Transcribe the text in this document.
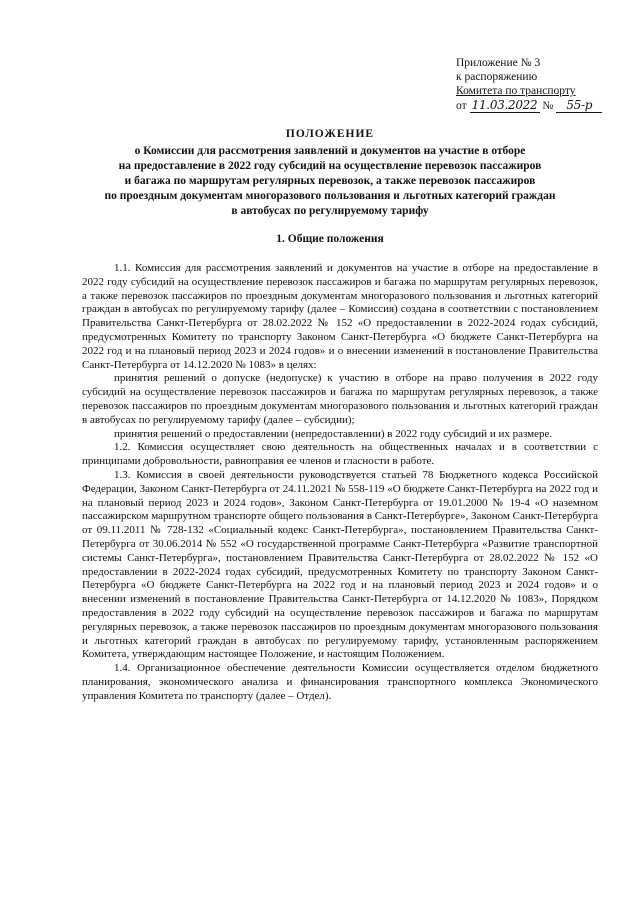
Приложение № 3
к распоряжению
Комитета по транспорту
от 11.03.2022 № 55-р
ПОЛОЖЕНИЕ
о Комиссии для рассмотрения заявлений и документов на участие в отборе
на предоставление в 2022 году субсидий на осуществление перевозок пассажиров
и багажа по маршрутам регулярных перевозок, а также перевозок пассажиров
по проездным документам многоразового пользования и льготных категорий граждан
в автобусах по регулируемому тарифу
1. Общие положения

1.1. Комиссия для рассмотрения заявлений и документов на участие в отборе на предоставление в 2022 году субсидий на осуществление перевозок пассажиров и багажа по маршрутам регулярных перевозок, а также перевозок пассажиров по проездным документам многоразового пользования и льготных категорий граждан в автобусах по регулируемому тарифу (далее – Комиссия) создана в соответствии с постановлением Правительства Санкт-Петербурга от 28.02.2022 № 152 «О предоставлении в 2022-2024 годах субсидий, предусмотренных Комитету по транспорту Законом Санкт-Петербурга «О бюджете Санкт-Петербурга на 2022 год и на плановый период 2023 и 2024 годов» и о внесении изменений в постановление Правительства Санкт-Петербурга от 14.12.2020 № 1083» в целях:

принятия решений о допуске (недопуске) к участию в отборе на право получения в 2022 году субсидий на осуществление перевозок пассажиров и багажа по маршрутам регулярных перевозок, а также перевозок пассажиров по проездным документам многоразового пользования и льготных категорий граждан в автобусах по регулируемому тарифу (далее – субсидии);

принятия решений о предоставлении (непредоставлении) в 2022 году субсидий и их размере.

1.2. Комиссия осуществляет свою деятельность на общественных началах и в соответствии с принципами добровольности, равноправия ее членов и гласности в работе.

1.3. Комиссия в своей деятельности руководствуется статьей 78 Бюджетного кодекса Российской Федерации, Законом Санкт-Петербурга от 24.11.2021 № 558-119 «О бюджете Санкт-Петербурга на 2022 год и на плановый период 2023 и 2024 годов», Законом Санкт-Петербурга от 19.01.2000 № 19-4 «О наземном пассажирском маршрутном транспорте общего пользования в Санкт-Петербурге», Законом Санкт-Петербурга от 09.11.2011 № 728-132 «Социальный кодекс Санкт-Петербурга», постановлением Правительства Санкт-Петербурга от 30.06.2014 № 552 «О государственной программе Санкт-Петербурга «Развитие транспортной системы Санкт-Петербурга», постановлением Правительства Санкт-Петербурга от 28.02.2022 № 152 «О предоставлении в 2022-2024 годах субсидий, предусмотренных Комитету по транспорту Законом Санкт-Петербурга «О бюджете Санкт-Петербурга на 2022 год и на плановый период 2023 и 2024 годов» и о внесении изменений в постановление Правительства Санкт-Петербурга от 14.12.2020 № 1083», Порядком предоставления в 2022 году субсидий на осуществление перевозок пассажиров и багажа по маршрутам регулярных перевозок, а также перевозок пассажиров по проездным документам многоразового пользования и льготных категорий граждан в автобусах по регулируемому тарифу, установленным распоряжением Комитета, утверждающим настоящее Положение, и настоящим Положением.

1.4. Организационное обеспечение деятельности Комиссии осуществляется отделом бюджетного планирования, экономического анализа и финансирования транспортного комплекса Экономического управления Комитета по транспорту (далее – Отдел).
